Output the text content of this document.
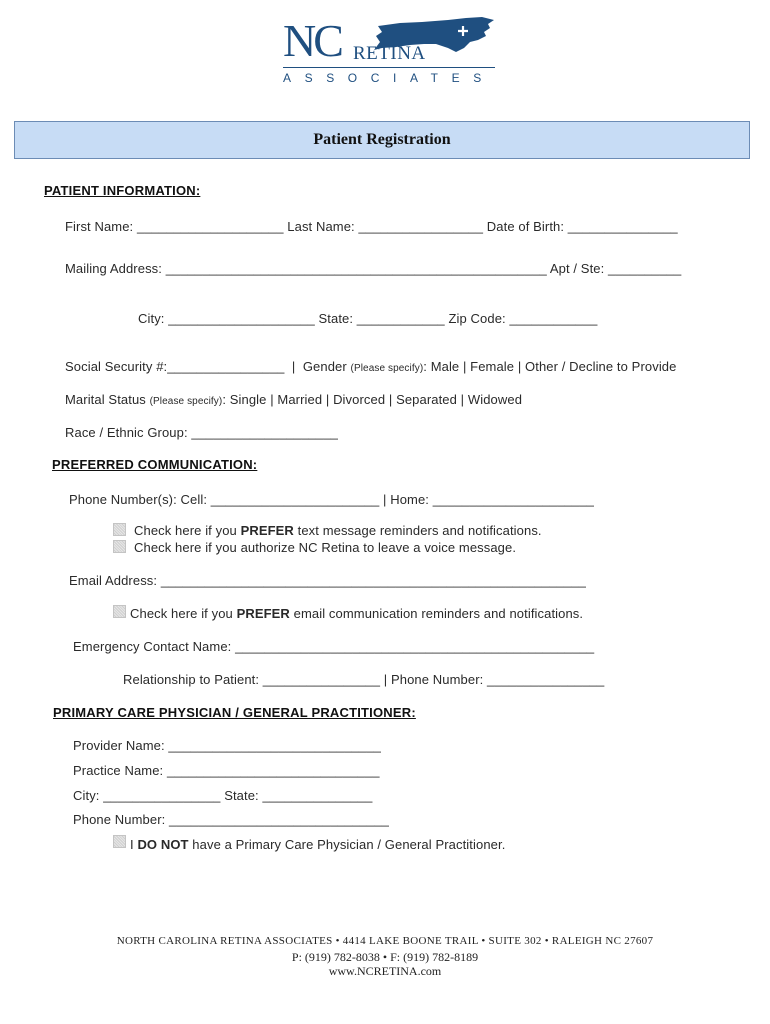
NC RETINA
ASSOCIATES
Patient Registration
PATIENT INFORMATION:
First Name: ____________________ Last Name: _________________ Date of Birth: _______________
Mailing Address: ____________________________________________________ Apt / Ste: __________
City: ____________________ State: ____________ Zip Code: ____________
Social Security #:________________  |  Gender (Please specify): Male | Female | Other / Decline to Provide
Marital Status (Please specify): Single | Married | Divorced | Separated | Widowed
Race / Ethnic Group: ____________________
PREFERRED COMMUNICATION:
Phone Number(s): Cell: _______________________ | Home: ______________________
Check here if you PREFER text message reminders and notifications.
Check here if you authorize NC Retina to leave a voice message.
Email Address: __________________________________________________________
Check here if you PREFER email communication reminders and notifications.
Emergency Contact Name: _________________________________________________
Relationship to Patient: ________________ | Phone Number: ________________
PRIMARY CARE PHYSICIAN / GENERAL PRACTITIONER:
Provider Name: _____________________________
Practice Name: _____________________________
City: ________________ State: _______________
Phone Number: ______________________________
I DO NOT have a Primary Care Physician / General Practitioner.
NORTH CAROLINA RETINA ASSOCIATES • 4414 LAKE BOONE TRAIL • SUITE 302 • RALEIGH NC 27607
P: (919) 782-8038 • F: (919) 782-8189
www.NCRETINA.com
